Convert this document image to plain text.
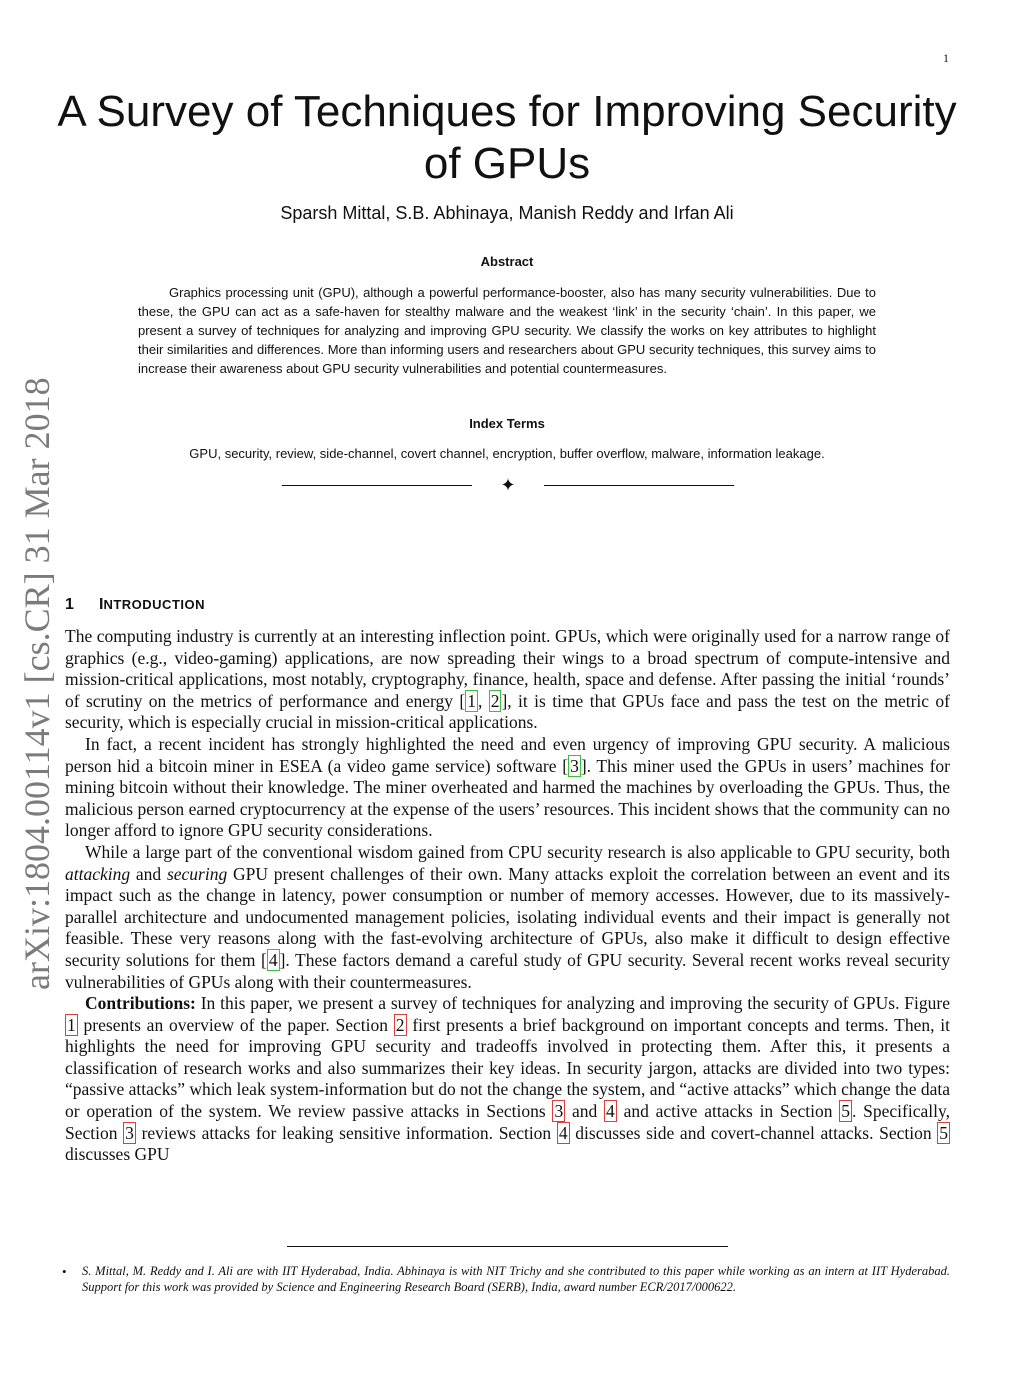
1
A Survey of Techniques for Improving Security of GPUs
Sparsh Mittal, S.B. Abhinaya, Manish Reddy and Irfan Ali
Abstract

Graphics processing unit (GPU), although a powerful performance-booster, also has many security vulnerabilities. Due to these, the GPU can act as a safe-haven for stealthy malware and the weakest ‘link’ in the security ‘chain’. In this paper, we present a survey of techniques for analyzing and improving GPU security. We classify the works on key attributes to highlight their similarities and differences. More than informing users and researchers about GPU security techniques, this survey aims to increase their awareness about GPU security vulnerabilities and potential countermeasures.

Index Terms
GPU, security, review, side-channel, covert channel, encryption, buffer overflow, malware, information leakage.
✦
arXiv:1804.00114v1 [cs.CR] 31 Mar 2018 1 INTRODUCTION

The computing industry is currently at an interesting inflection point. GPUs, which were originally used for a narrow range of graphics (e.g., video-gaming) applications, are now spreading their wings to a broad spectrum of compute-intensive and mission-critical applications, most notably, cryptography, finance, health, space and defense. After passing the initial ‘rounds’ of scrutiny on the metrics of performance and energy [ 1 , 2 ], it is time that GPUs face and pass the test on the metric of security, which is especially crucial in mission-critical applications.

In fact, a recent incident has strongly highlighted the need and even urgency of improving GPU security. A malicious person hid a bitcoin miner in ESEA (a video game service) software [ 3 ]. This miner used the GPUs in users’ machines for mining bitcoin without their knowledge. The miner overheated and harmed the machines by overloading the GPUs. Thus, the malicious person earned cryptocurrency at the expense of the users’ resources. This incident shows that the community can no longer afford to ignore GPU security considerations.

While a large part of the conventional wisdom gained from CPU security research is also applicable to GPU security, both attacking and securing GPU present challenges of their own. Many attacks exploit the correlation between an event and its impact such as the change in latency, power consumption or number of memory accesses. However, due to its massively-parallel architecture and undocumented management policies, isolating individual events and their impact is generally not feasible. These very reasons along with the fast-evolving architecture of GPUs, also make it difficult to design effective security solutions for them [ 4 ]. These factors demand a careful study of GPU security. Several recent works reveal security vulnerabilities of GPUs along with their countermeasures.

Contributions: In this paper, we present a survey of techniques for analyzing and improving the security of GPUs. Figure 1 presents an overview of the paper. Section 2 first presents a brief background on important concepts and terms. Then, it highlights the need for improving GPU security and tradeoffs involved in protecting them. After this, it presents a classification of research works and also summarizes their key ideas. In security jargon, attacks are divided into two types: “passive attacks” which leak system-information but do not the change the system, and “active attacks” which change the data or operation of the system. We review passive attacks in Sections 3 and 4 and active attacks in Section 5 . Specifically, Section 3 reviews attacks for leaking sensitive information. Section 4 discusses side and covert-channel attacks. Section 5 discusses GPU

• S. Mittal, M. Reddy and I. Ali are with IIT Hyderabad, India. Abhinaya is with NIT Trichy and she contributed to this paper while working as an intern at IIT Hyderabad. Support for this work was provided by Science and Engineering Research Board (SERB), India, award number ECR/2017/000622.
